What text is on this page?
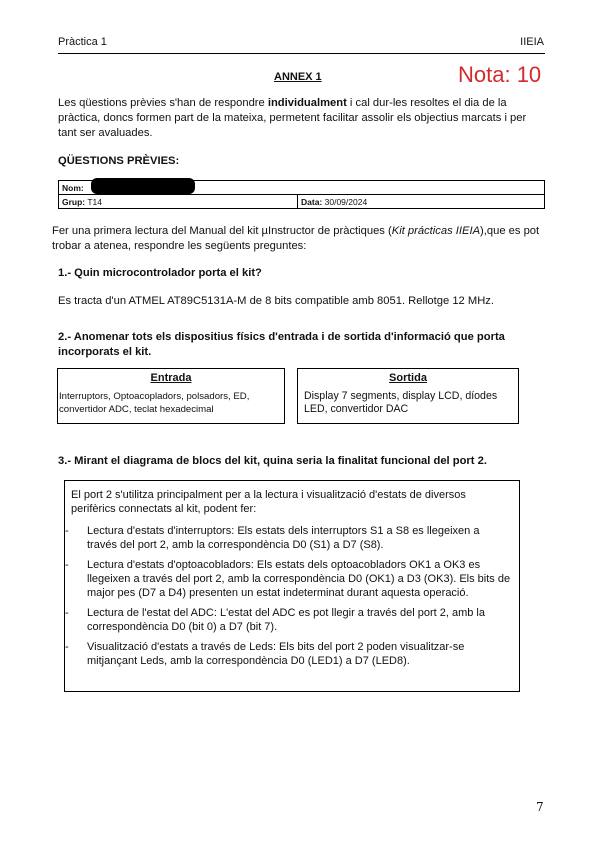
Pràctica 1	IIEIA
ANNEX 1	Nota: 10
Les qüestions prèvies s'han de respondre individualment i cal dur-les resoltes el dia de la pràctica, doncs formen part de la mateixa, permetent facilitar assolir els objectius marcats i per tant ser avaluades.
QÜESTIONS PRÈVIES:
Nom:
Grup: T14	Data: 30/09/2024
Fer una primera lectura del Manual del kit µInstructor de pràctiques (Kit prácticas IIEIA),que es pot trobar a atenea, respondre les següents preguntes:
1.- Quin microcontrolador porta el kit?
Es tracta d'un ATMEL AT89C5131A-M de 8 bits compatible amb 8051. Rellotge 12 MHz.
2.- Anomenar tots els dispositius físics d'entrada i de sortida d'informació que porta incorporats el kit.
Entrada
Interruptors, Optoacopladors, polsadors, ED, convertidor ADC, teclat hexadecimal
Sortida
Display 7 segments, display LCD, díodes LED, convertidor DAC
3.- Mirant el diagrama de blocs del kit, quina seria la finalitat funcional del port 2.
El port 2 s'utilitza principalment per a la lectura i visualització d'estats de diversos perifèrics connectats al kit, podent fer:
- Lectura d'estats d'interruptors: Els estats dels interruptors S1 a S8 es llegeixen a través del port 2, amb la correspondència D0 (S1) a D7 (S8).
- Lectura d'estats d'optoacobladors: Els estats dels optoacobladors OK1 a OK3 es llegeixen a través del port 2, amb la correspondència D0 (OK1) a D3 (OK3). Els bits de major pes (D7 a D4) presenten un estat indeterminat durant aquesta operació.
- Lectura de l'estat del ADC: L'estat del ADC es pot llegir a través del port 2, amb la correspondència D0 (bit 0) a D7 (bit 7).
- Visualització d'estats a través de Leds: Els bits del port 2 poden visualitzar-se mitjançant Leds, amb la correspondència D0 (LED1) a D7 (LED8).
7
